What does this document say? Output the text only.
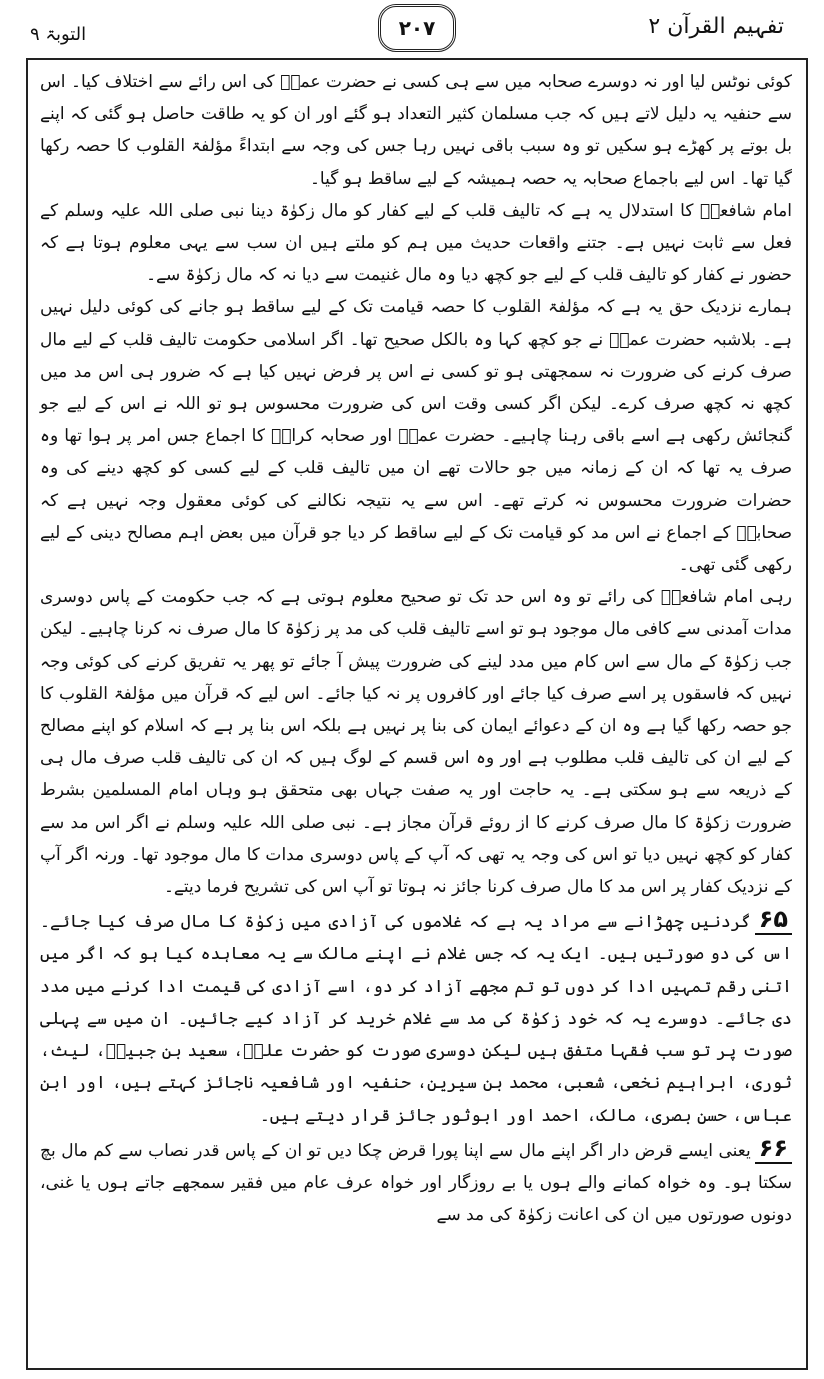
تفہیم القرآن ۲
۲۰۷
التوبۃ ۹

کوئی نوٹس لیا اور نہ دوسرے صحابہ میں سے ہی کسی نے حضرت عمرؓ کی اس رائے سے اختلاف کیا۔ اس سے حنفیہ یہ دلیل لاتے ہیں کہ جب مسلمان کثیر التعداد ہو گئے اور ان کو یہ طاقت حاصل ہو گئی کہ اپنے بل بوتے پر کھڑے ہو سکیں تو وہ سبب باقی نہیں رہا جس کی وجہ سے ابتداءً مؤلفۃ القلوب کا حصہ رکھا گیا تھا۔ اس لیے باجماع صحابہ یہ حصہ ہمیشہ کے لیے ساقط ہو گیا۔

امام شافعیؒ کا استدلال یہ ہے کہ تالیف قلب کے لیے کفار کو مال زکوٰۃ دینا نبی صلی اللہ علیہ وسلم کے فعل سے ثابت نہیں ہے۔ جتنے واقعات حدیث میں ہم کو ملتے ہیں ان سب سے یہی معلوم ہوتا ہے کہ حضور نے کفار کو تالیف قلب کے لیے جو کچھ دیا وہ مال غنیمت سے دیا نہ کہ مال زکوٰۃ سے۔

ہمارے نزدیک حق یہ ہے کہ مؤلفۃ القلوب کا حصہ قیامت تک کے لیے ساقط ہو جانے کی کوئی دلیل نہیں ہے۔ بلاشبہ حضرت عمرؓ نے جو کچھ کہا وہ بالکل صحیح تھا۔ اگر اسلامی حکومت تالیف قلب کے لیے مال صرف کرنے کی ضرورت نہ سمجھتی ہو تو کسی نے اس پر فرض نہیں کیا ہے کہ ضرور ہی اس مد میں کچھ نہ کچھ صرف کرے۔ لیکن اگر کسی وقت اس کی ضرورت محسوس ہو تو اللہ نے اس کے لیے جو گنجائش رکھی ہے اسے باقی رہنا چاہیے۔ حضرت عمرؓ اور صحابہ کرامؓ کا اجماع جس امر پر ہوا تھا وہ صرف یہ تھا کہ ان کے زمانہ میں جو حالات تھے ان میں تالیف قلب کے لیے کسی کو کچھ دینے کی وہ حضرات ضرورت محسوس نہ کرتے تھے۔ اس سے یہ نتیجہ نکالنے کی کوئی معقول وجہ نہیں ہے کہ صحابہؓ کے اجماع نے اس مد کو قیامت تک کے لیے ساقط کر دیا جو قرآن میں بعض اہم مصالح دینی کے لیے رکھی گئی تھی۔

رہی امام شافعیؒ کی رائے تو وہ اس حد تک تو صحیح معلوم ہوتی ہے کہ جب حکومت کے پاس دوسری مدات آمدنی سے کافی مال موجود ہو تو اسے تالیف قلب کی مد پر زکوٰۃ کا مال صرف نہ کرنا چاہیے۔ لیکن جب زکوٰۃ کے مال سے اس کام میں مدد لینے کی ضرورت پیش آ جائے تو پھر یہ تفریق کرنے کی کوئی وجہ نہیں کہ فاسقوں پر اسے صرف کیا جائے اور کافروں پر نہ کیا جائے۔ اس لیے کہ قرآن میں مؤلفۃ القلوب کا جو حصہ رکھا گیا ہے وہ ان کے دعوائے ایمان کی بنا پر نہیں ہے بلکہ اس بنا پر ہے کہ اسلام کو اپنے مصالح کے لیے ان کی تالیف قلب مطلوب ہے اور وہ اس قسم کے لوگ ہیں کہ ان کی تالیف قلب صرف مال ہی کے ذریعہ سے ہو سکتی ہے۔ یہ حاجت اور یہ صفت جہاں بھی متحقق ہو وہاں امام المسلمین بشرط ضرورت زکوٰۃ کا مال صرف کرنے کا از روئے قرآن مجاز ہے۔ نبی صلی اللہ علیہ وسلم نے اگر اس مد سے کفار کو کچھ نہیں دیا تو اس کی وجہ یہ تھی کہ آپ کے پاس دوسری مدات کا مال موجود تھا۔ ورنہ اگر آپ کے نزدیک کفار پر اس مد کا مال صرف کرنا جائز نہ ہوتا تو آپ اس کی تشریح فرما دیتے۔

۶۵گردنیں چھڑانے سے مراد یہ ہے کہ غلاموں کی آزادی میں زکوٰۃ کا مال صرف کیا جائے۔ اس کی دو صورتیں ہیں۔ ایک یہ کہ جس غلام نے اپنے مالک سے یہ معاہدہ کیا ہو کہ اگر میں اتنی رقم تمہیں ادا کر دوں تو تم مجھے آزاد کر دو، اسے آزادی کی قیمت ادا کرنے میں مدد دی جائے۔ دوسرے یہ کہ خود زکوٰۃ کی مد سے غلام خرید کر آزاد کیے جائیں۔ ان میں سے پہلی صورت پر تو سب فقہا متفق ہیں لیکن دوسری صورت کو حضرت علیؓ، سعید بن جبیرؒ، لیث، ثوری، ابراہیم نخعی، شعبی، محمد بن سیرین، حنفیہ اور شافعیہ ناجائز کہتے ہیں، اور ابن عباس، حسن بصری، مالک، احمد اور ابوثور جائز قرار دیتے ہیں۔

۶۶یعنی ایسے قرض دار اگر اپنے مال سے اپنا پورا قرض چکا دیں تو ان کے پاس قدر نصاب سے کم مال بچ سکتا ہو۔ وہ خواہ کمانے والے ہوں یا بے روزگار اور خواہ عرف عام میں فقیر سمجھے جاتے ہوں یا غنی، دونوں صورتوں میں ان کی اعانت زکوٰۃ کی مد سے
